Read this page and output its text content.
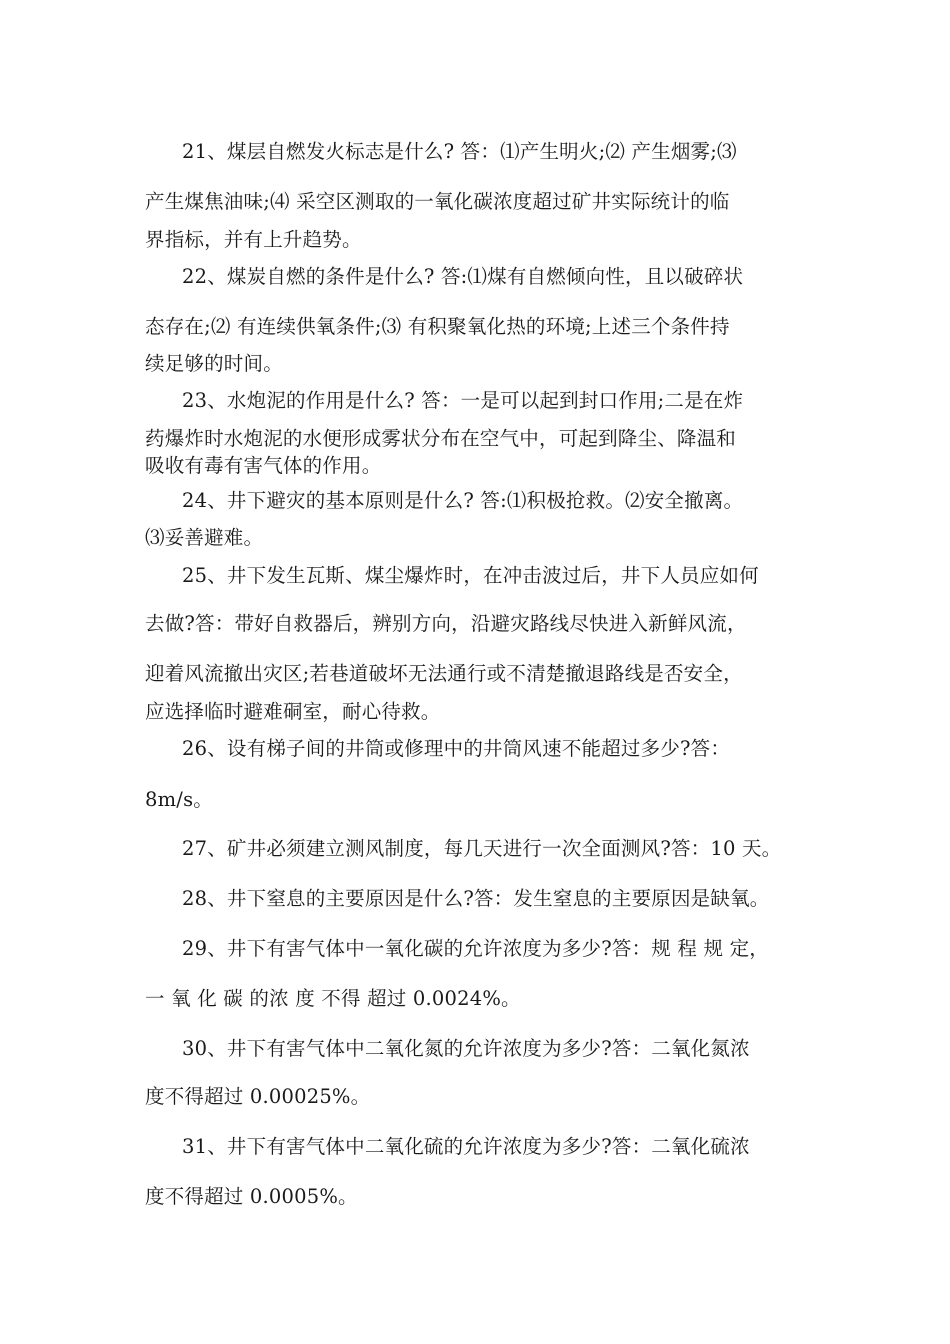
21、煤层自燃发火标志是什么? 答：⑴产生明火;⑵ 产生烟雾;⑶
产生煤焦油味;⑷ 采空区测取的一氧化碳浓度超过矿井实际统计的临
界指标，并有上升趋势。
22、煤炭自燃的条件是什么? 答:⑴煤有自燃倾向性，且以破碎状
态存在;⑵ 有连续供氧条件;⑶ 有积聚氧化热的环境;上述三个条件持
续足够的时间。
23、水炮泥的作用是什么? 答：一是可以起到封口作用;二是在炸
药爆炸时水炮泥的水便形成雾状分布在空气中，可起到降尘、降温和
吸收有毒有害气体的作用。
24、井下避灾的基本原则是什么? 答:⑴积极抢救。⑵安全撤离。
⑶妥善避难。
25、井下发生瓦斯、煤尘爆炸时，在冲击波过后，井下人员应如何
去做?答：带好自救器后，辨别方向，沿避灾路线尽快进入新鲜风流，
迎着风流撤出灾区;若巷道破坏无法通行或不清楚撤退路线是否安全，
应选择临时避难硐室，耐心待救。
26、设有梯子间的井筒或修理中的井筒风速不能超过多少?答：
8m/s。
27、矿井必须建立测风制度，每几天进行一次全面测风?答：10 天。
28、井下窒息的主要原因是什么?答：发生窒息的主要原因是缺氧。
29、井下有害气体中一氧化碳的允许浓度为多少?答：规 程 规 定，
一 氧 化 碳 的浓 度 不得 超过 0.0024%。
30、井下有害气体中二氧化氮的允许浓度为多少?答：二氧化氮浓
度不得超过 0.00025%。
31、井下有害气体中二氧化硫的允许浓度为多少?答：二氧化硫浓
度不得超过 0.0005%。
